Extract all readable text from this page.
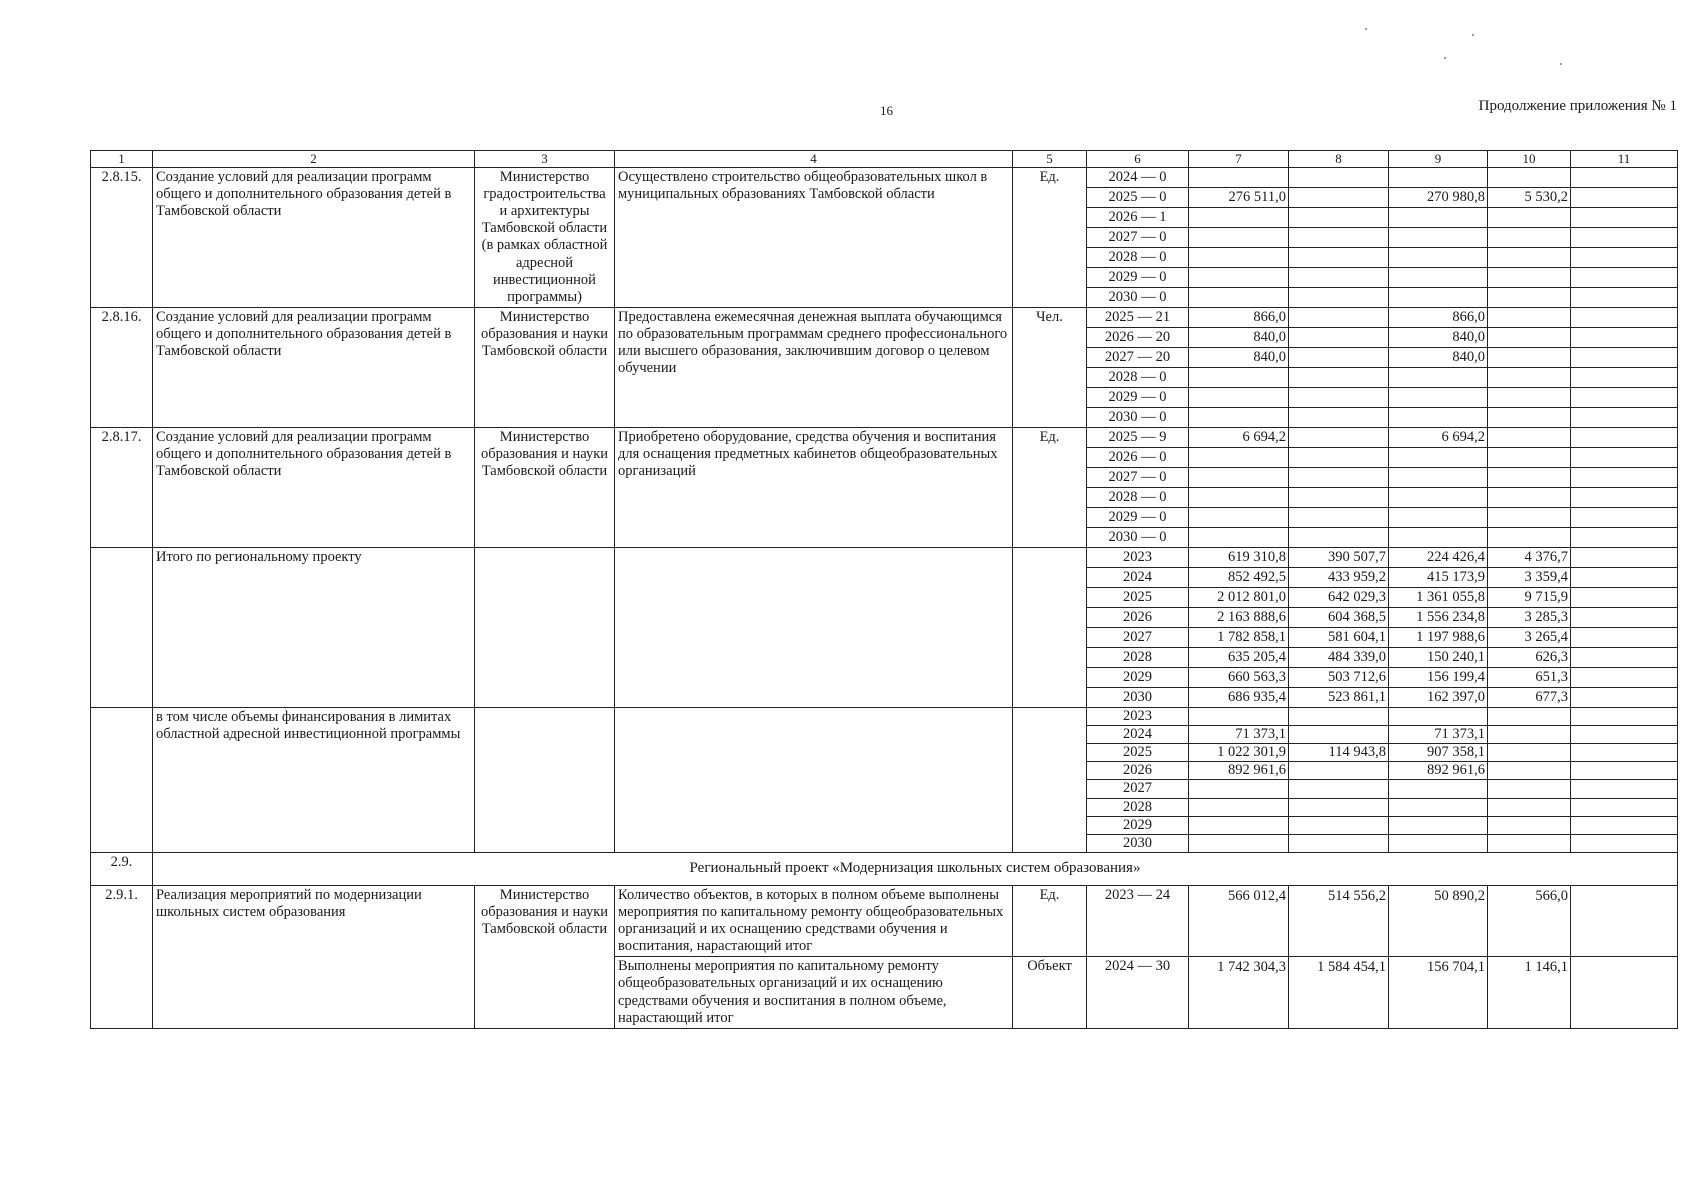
16	Продолжение приложения № 1
1	2	3	4	5	6	7	8	9	10	11
2.8.15.	Создание условий для реализации программ общего и дополнительного образования детей в Тамбовской области	Министерство градостроительства и архитектуры Тамбовской области (в рамках областной адресной инвестиционной программы)	Осуществлено строительство общеобразовательных школ в муниципальных образованиях Тамбовской области	Ед.	2024 — 0					
					2025 — 0	276 511,0		270 980,8	5 530,2	
					2026 — 1					
					2027 — 0					
					2028 — 0					
					2029 — 0					
					2030 — 0					
2.8.16.	Создание условий для реализации программ общего и дополнительного образования детей в Тамбовской области	Министерство образования и науки Тамбовской области	Предоставлена ежемесячная денежная выплата обучающимся по образовательным программам среднего профессионального или высшего образования, заключившим договор о целевом обучении	Чел.	2025 — 21	866,0		866,0		
					2026 — 20	840,0		840,0		
					2027 — 20	840,0		840,0		
					2028 — 0					
					2029 — 0					
					2030 — 0					
2.8.17.	Создание условий для реализации программ общего и дополнительного образования детей в Тамбовской области	Министерство образования и науки Тамбовской области	Приобретено оборудование, средства обучения и воспитания для оснащения предметных кабинетов общеобразовательных организаций	Ед.	2025 — 9	6 694,2		6 694,2		
					2026 — 0					
					2027 — 0					
					2028 — 0					
					2029 — 0					
					2030 — 0					
	Итого по региональному проекту				2023	619 310,8	390 507,7	224 426,4	4 376,7	
					2024	852 492,5	433 959,2	415 173,9	3 359,4	
					2025	2 012 801,0	642 029,3	1 361 055,8	9 715,9	
					2026	2 163 888,6	604 368,5	1 556 234,8	3 285,3	
					2027	1 782 858,1	581 604,1	1 197 988,6	3 265,4	
					2028	635 205,4	484 339,0	150 240,1	626,3	
					2029	660 563,3	503 712,6	156 199,4	651,3	
					2030	686 935,4	523 861,1	162 397,0	677,3	
	в том числе объемы финансирования в лимитах областной адресной инвестиционной программы				2023					
					2024	71 373,1		71 373,1		
					2025	1 022 301,9	114 943,8	907 358,1		
					2026	892 961,6		892 961,6		
					2027					
					2028					
					2029					
					2030					
2.9.	Региональный проект «Модернизация школьных систем образования»									
2.9.1.	Реализация мероприятий по модернизации школьных систем образования	Министерство образования и науки Тамбовской области	Количество объектов, в которых в полном объеме выполнены мероприятия по капитальному ремонту общеобразовательных организаций и их оснащению средствами обучения и воспитания, нарастающий итог	Ед.	2023 — 24	566 012,4	514 556,2	50 890,2	566,0	
			Выполнены мероприятия по капитальному ремонту общеобразовательных организаций и их оснащению средствами обучения и воспитания в полном объеме, нарастающий итог	Объект	2024 — 30	1 742 304,3	1 584 454,1	156 704,1	1 146,1	
